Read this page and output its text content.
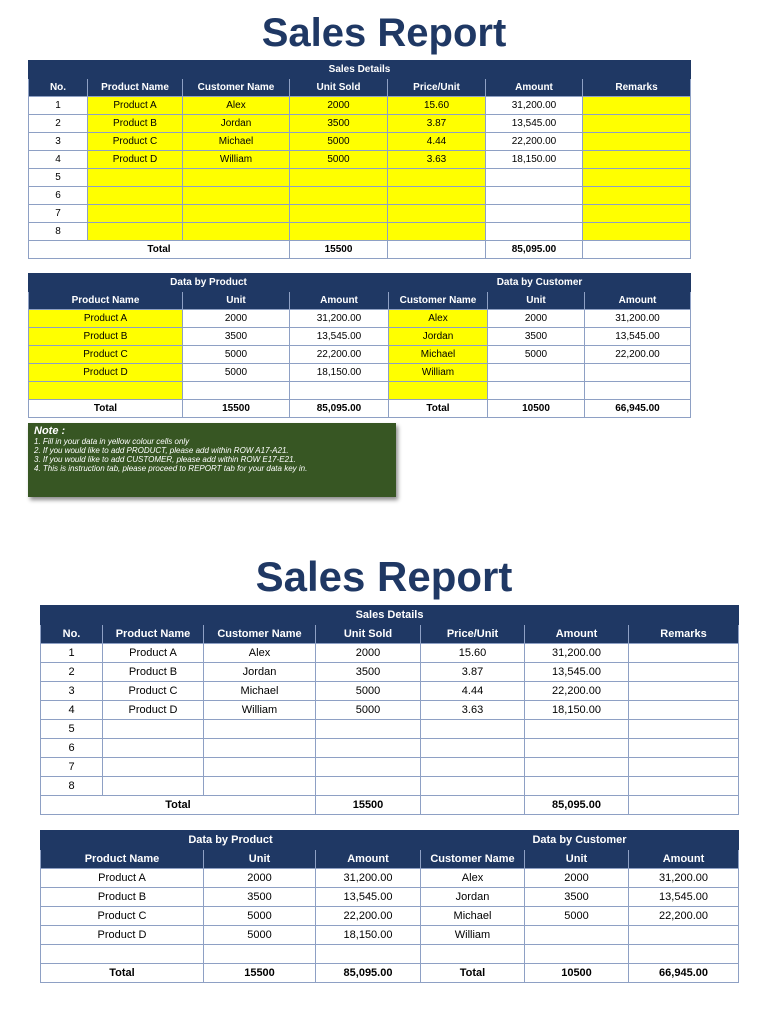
Sales Report
Sales Details						
No.	Product Name	Customer Name	Unit Sold	Price/Unit	Amount	Remarks
1	Product A	Alex	2000	15.60	31,200.00	
2	Product B	Jordan	3500	3.87	13,545.00	
3	Product C	Michael	5000	4.44	22,200.00	
4	Product D	William	5000	3.63	18,150.00	
5						
6						
7						
8						
Total			15500		85,095.00	
Data by Product		
Product Name	Unit	Amount
Product A	2000	31,200.00
Product B	3500	13,545.00
Product C	5000	22,200.00
Product D	5000	18,150.00

Total	15500	85,095.00
Data by Customer		
Customer Name	Unit	Amount
Alex	2000	31,200.00
Jordan	3500	13,545.00
Michael	5000	22,200.00
William		

Total	10500	66,945.00
Note :
1. Fill in your data in yellow colour cells only
2. If you would like to add PRODUCT, please add within ROW A17-A21.
3. If you would like to add CUSTOMER, please add within ROW E17-E21.
4. This is instruction tab, please proceed to REPORT tab for your data key in.
Sales Report
Sales Details						
No.	Product Name	Customer Name	Unit Sold	Price/Unit	Amount	Remarks
1	Product A	Alex	2000	15.60	31,200.00	
2	Product B	Jordan	3500	3.87	13,545.00	
3	Product C	Michael	5000	4.44	22,200.00	
4	Product D	William	5000	3.63	18,150.00	
5						
6						
7						
8						
Total			15500		85,095.00	
Data by Product		
Product Name	Unit	Amount
Product A	2000	31,200.00
Product B	3500	13,545.00
Product C	5000	22,200.00
Product D	5000	18,150.00

Total	15500	85,095.00
Data by Customer		
Customer Name	Unit	Amount
Alex	2000	31,200.00
Jordan	3500	13,545.00
Michael	5000	22,200.00
William		

Total	10500	66,945.00
